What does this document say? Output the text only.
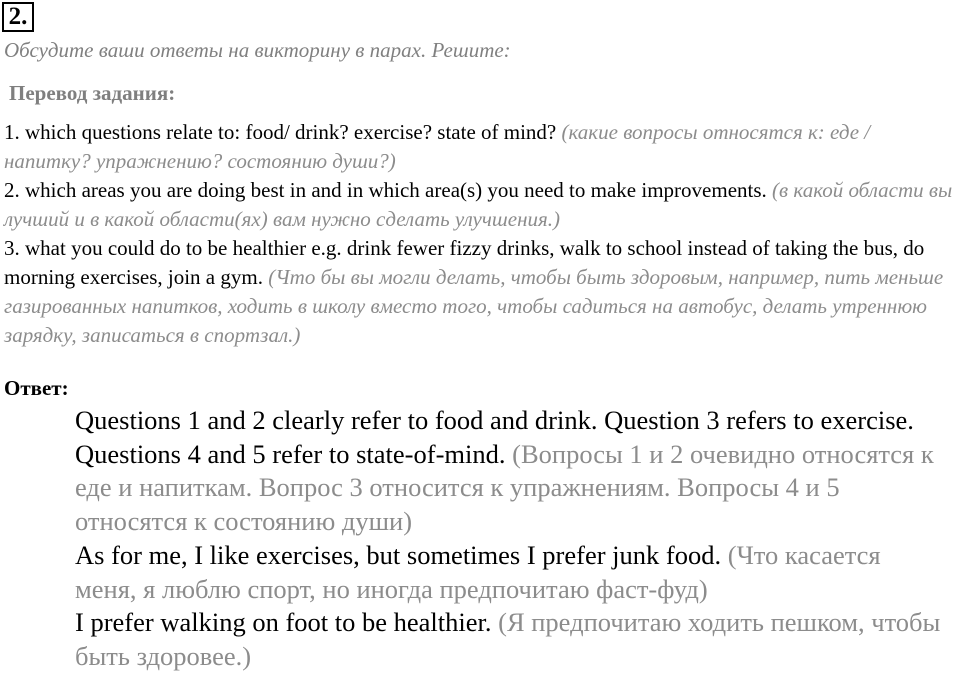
2.
Обсудите ваши ответы на викторину в парах. Решите:
Перевод задания:

1. which questions relate to: food/ drink? exercise? state of mind? (какие вопросы относятся к: еде / напитку? упражнению? состоянию души?)

2. which areas you are doing best in and in which area(s) you need to make improvements. (в какой области вы лучший и в какой области(ях) вам нужно сделать улучшения.)

3. what you could do to be healthier e.g. drink fewer fizzy drinks, walk to school instead of taking the bus, do morning exercises, join a gym. (Что бы вы могли делать, чтобы быть здоровым, например, пить меньше газированных напитков, ходить в школу вместо того, чтобы садиться на автобус, делать утреннюю зарядку, записаться в спортзал.)

Ответ:

Questions 1 and 2 clearly refer to food and drink. Question 3 refers to exercise. Questions 4 and 5 refer to state-of-mind. (Вопросы 1 и 2 очевидно относятся к еде и напиткам. Вопрос 3 относится к упражнениям. Вопросы 4 и 5 относятся к состоянию души)

As for me, I like exercises, but sometimes I prefer junk food. (Что касается меня, я люблю спорт, но иногда предпочитаю фаст-фуд)

I prefer walking on foot to be healthier. (Я предпочитаю ходить пешком, чтобы быть здоровее.)
